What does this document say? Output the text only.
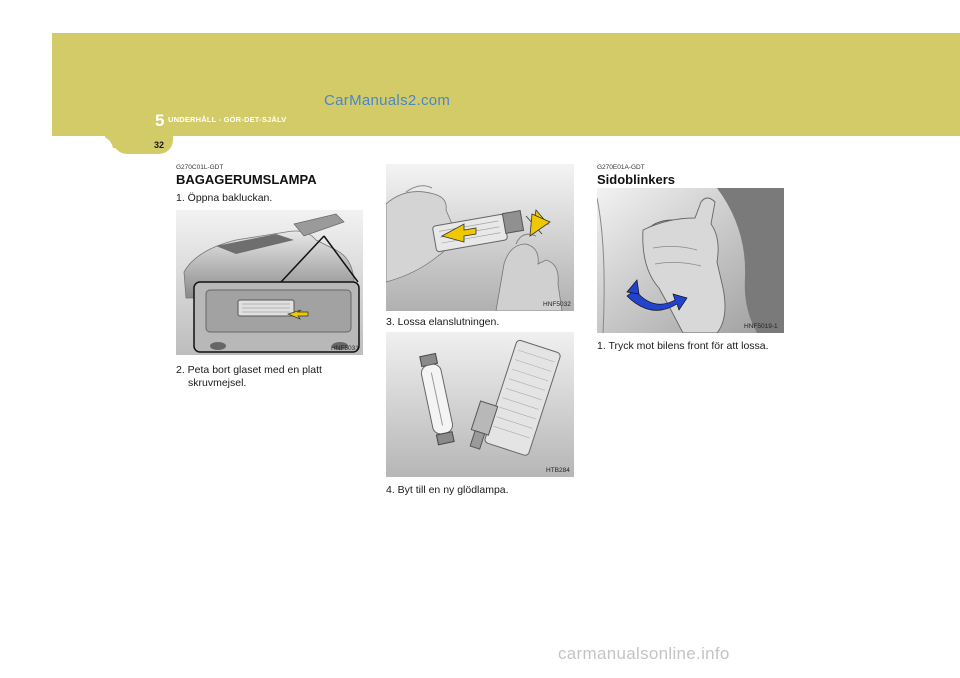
5 UNDERHÅLL - GÖR-DET-SJÄLV
CarManuals2.com
32
G270C01L-GDT
BAGAGERUMSLAMPA
1. Öppna bakluckan.
HNF5031
2. Peta bort glaset med en platt
skruvmejsel.
HNF5032
3. Lossa elanslutningen.
HTB284
4. Byt till en ny glödlampa.
G270E01A-GDT
Sidoblinkers
HNF5019-1
1. Tryck mot bilens front för att lossa.
carmanualsonline.info
